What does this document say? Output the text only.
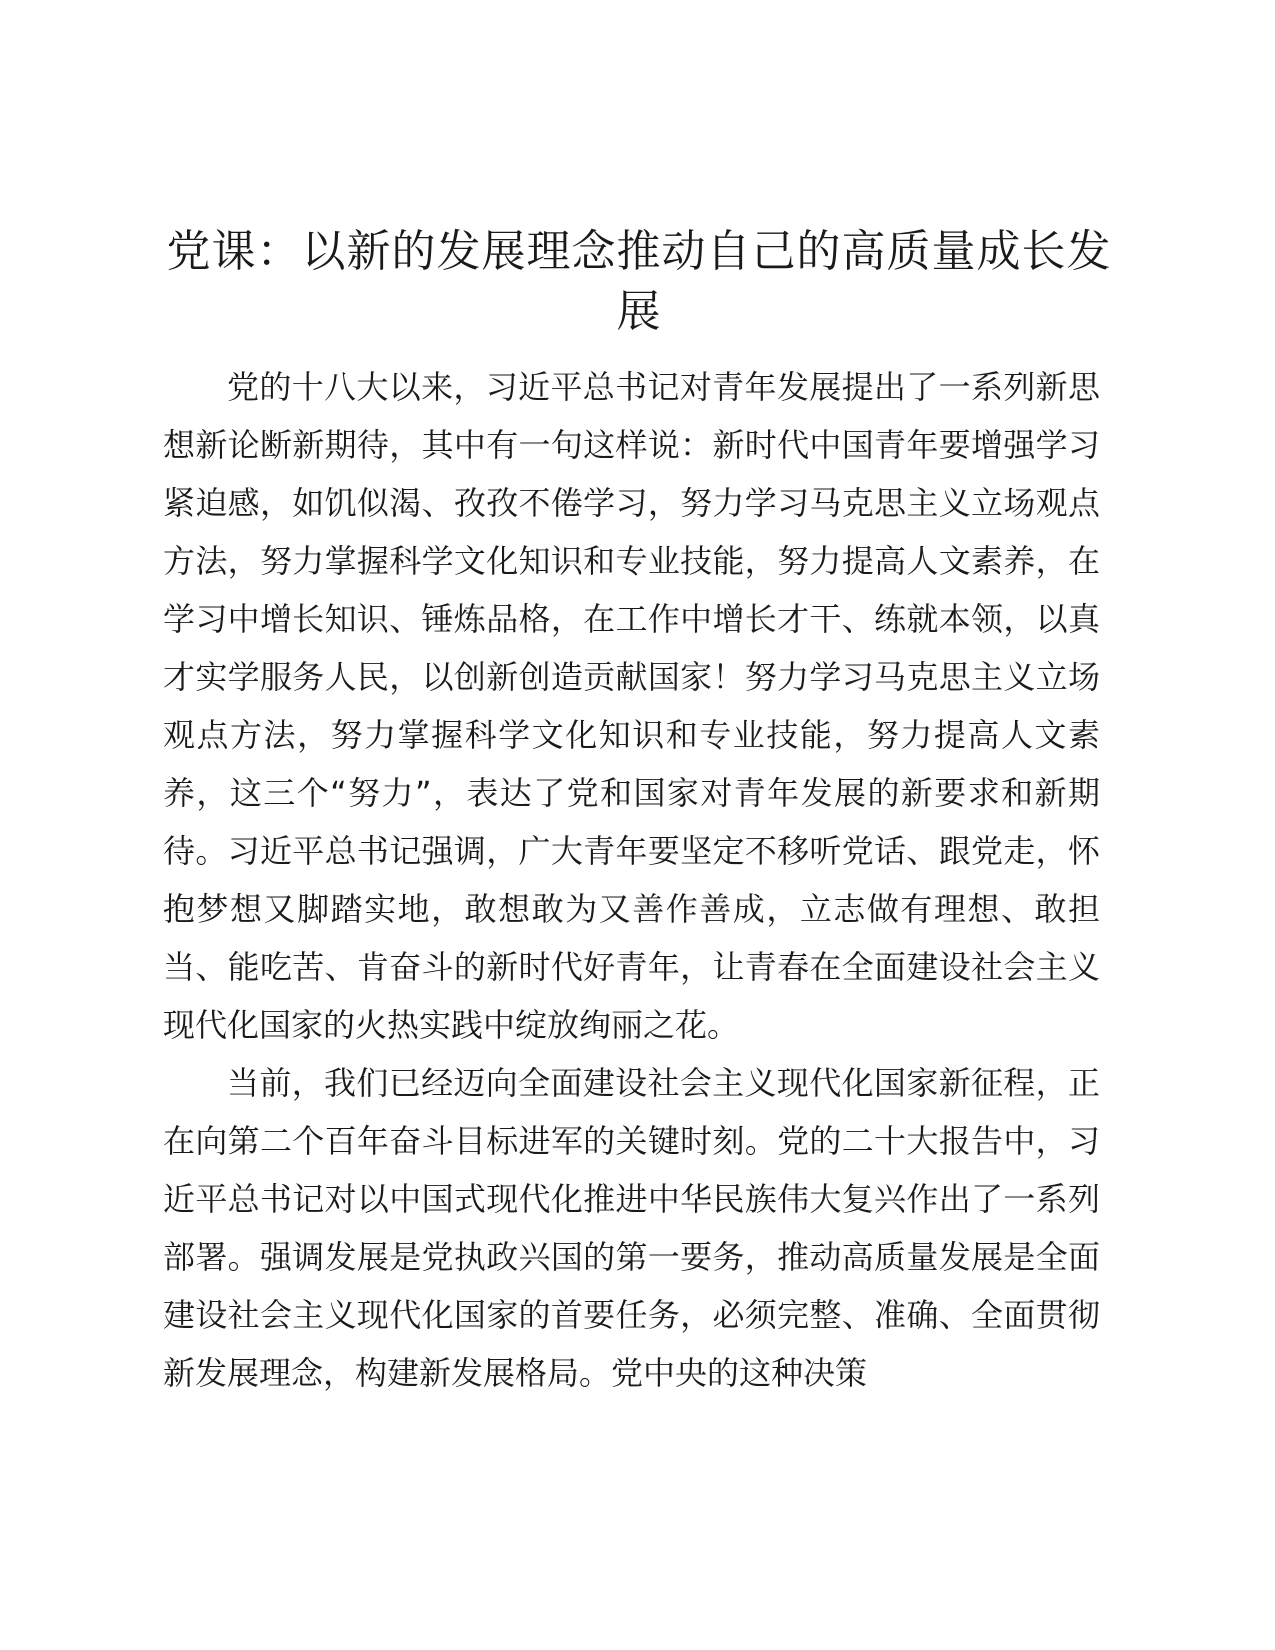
党课：以新的发展理念推动自己的高质量成长发展

党的十八大以来，习近平总书记对青年发展提出了一系列新思想新论断新期待，其中有一句这样说：新时代中国青年要增强学习紧迫感，如饥似渴、孜孜不倦学习，努力学习马克思主义立场观点方法，努力掌握科学文化知识和专业技能，努力提高人文素养，在学习中增长知识、锤炼品格，在工作中增长才干、练就本领，以真才实学服务人民，以创新创造贡献国家！努力学习马克思主义立场观点方法，努力掌握科学文化知识和专业技能，努力提高人文素养，这三个“努力”，表达了党和国家对青年发展的新要求和新期待。习近平总书记强调，广大青年要坚定不移听党话、跟党走，怀抱梦想又脚踏实地，敢想敢为又善作善成，立志做有理想、敢担当、能吃苦、肯奋斗的新时代好青年，让青春在全面建设社会主义现代化国家的火热实践中绽放绚丽之花。

当前，我们已经迈向全面建设社会主义现代化国家新征程，正在向第二个百年奋斗目标进军的关键时刻。党的二十大报告中，习近平总书记对以中国式现代化推进中华民族伟大复兴作出了一系列部署。强调发展是党执政兴国的第一要务，推动高质量发展是全面建设社会主义现代化国家的首要任务，必须完整、准确、全面贯彻新发展理念，构建新发展格局。党中央的这种决策
